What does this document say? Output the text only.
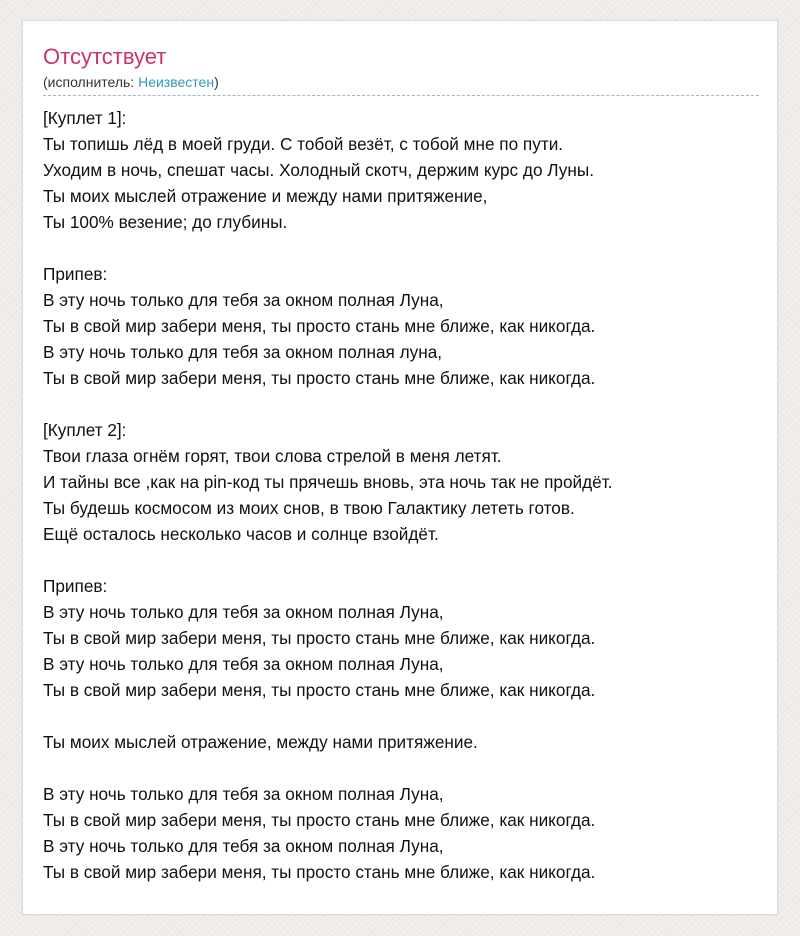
Отсутствует
(исполнитель: Неизвестен)
[Куплет 1]:
Ты топишь лёд в моей груди. С тобой везёт, с тобой мне по пути.
Уходим в ночь, спешат часы. Холодный скотч, держим курс до Луны.
Ты моих мыслей отражение и между нами притяжение,
Ты 100% везение; до глубины.
Припев:
В эту ночь только для тебя за окном полная Луна,
Ты в свой мир забери меня, ты просто стань мне ближе, как никогда.
В эту ночь только для тебя за окном полная луна,
Ты в свой мир забери меня, ты просто стань мне ближе, как никогда.
[Куплет 2]:
Твои глаза огнём горят, твои слова стрелой в меня летят.
И тайны все ,как на pin-код ты прячешь вновь, эта ночь так не пройдёт.
Ты будешь космосом из моих снов, в твою Галактику лететь готов.
Ещё осталось несколько часов и солнце взойдёт.
Припев:
В эту ночь только для тебя за окном полная Луна,
Ты в свой мир забери меня, ты просто стань мне ближе, как никогда.
В эту ночь только для тебя за окном полная Луна,
Ты в свой мир забери меня, ты просто стань мне ближе, как никогда.
Ты моих мыслей отражение, между нами притяжение.
В эту ночь только для тебя за окном полная Луна,
Ты в свой мир забери меня, ты просто стань мне ближе, как никогда.
В эту ночь только для тебя за окном полная Луна,
Ты в свой мир забери меня, ты просто стань мне ближе, как никогда.
